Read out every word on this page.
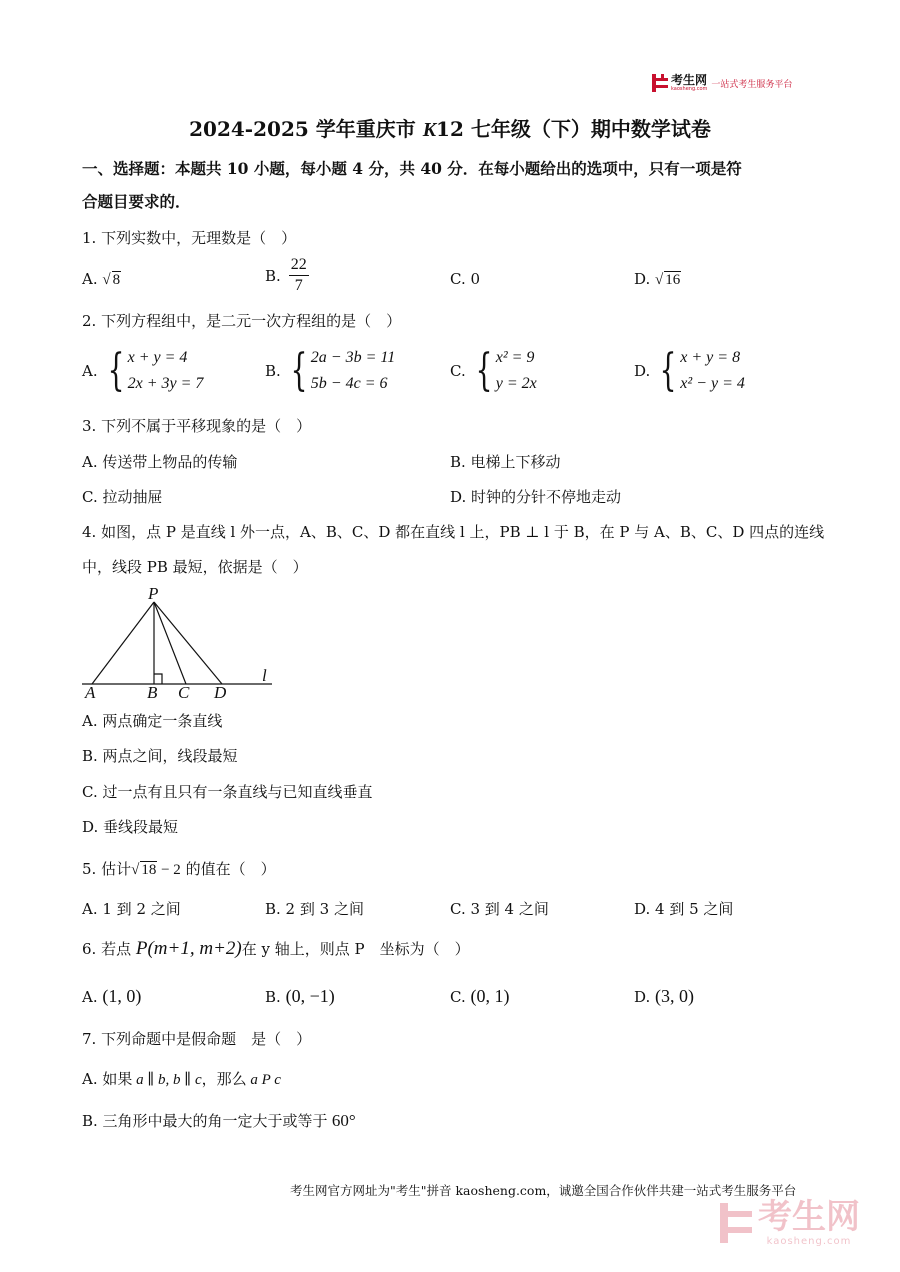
考生网
kaosheng.com 一站式考生服务平台
2024-2025 学年重庆市 K12 七年级（下）期中数学试卷
一、选择题：本题共 10 小题，每小题 4 分，共 40 分．在每小题给出的选项中，只有一项是符
合题目要求的．
1. 下列实数中，无理数是（　）
A. √ 8	B. $\frac{22}{7}$	C. 0	D. √ 16
2. 下列方程组中，是二元一次方程组的是（　）
A. { x + y = 4
2x + 3y = 7
B. { 2a − 3b = 11
5b − 4c = 6
C. { x² = 9
y = 2x
D. { x + y = 8
x² − y = 4
3. 下列不属于平移现象的是（　）
A. 传送带上物品的传输	B. 电梯上下移动
C. 拉动抽屉	D. 时钟的分针不停地走动
4. 如图，点 P 是直线 l 外一点，A、B、C、D 都在直线 l 上，PB ⊥ l 于 B，在 P 与 A、B、C、D 四点的连线
中，线段 PB 最短，依据是（　）
P
A	B C D
l
A. 两点确定一条直线
B. 两点之间，线段最短
C. 过一点有且只有一条直线与已知直线垂直
D. 垂线段最短
5. 估计√ 18 − 2 的值在（　）
A. 1 到 2 之间	B. 2 到 3 之间	C. 3 到 4 之间	D. 4 到 5 之间
6. 若点 P(m+1, m+2)在 y 轴上，则点 P　坐标为（　）
A. (1, 0)	B. (0, −1)	C. (0, 1)	D. (3, 0)
7. 下列命题中是假命题　是（　）
A. 如果 a ∥ b, b ∥ c，那么 a P c
B. 三角形中最大的角一定大于或等于 60°
考生网官方网址为"考生"拼音 kaosheng.com，诚邀全国合作伙伴共建一站式考生服务平台
考生网
kaosheng.com
